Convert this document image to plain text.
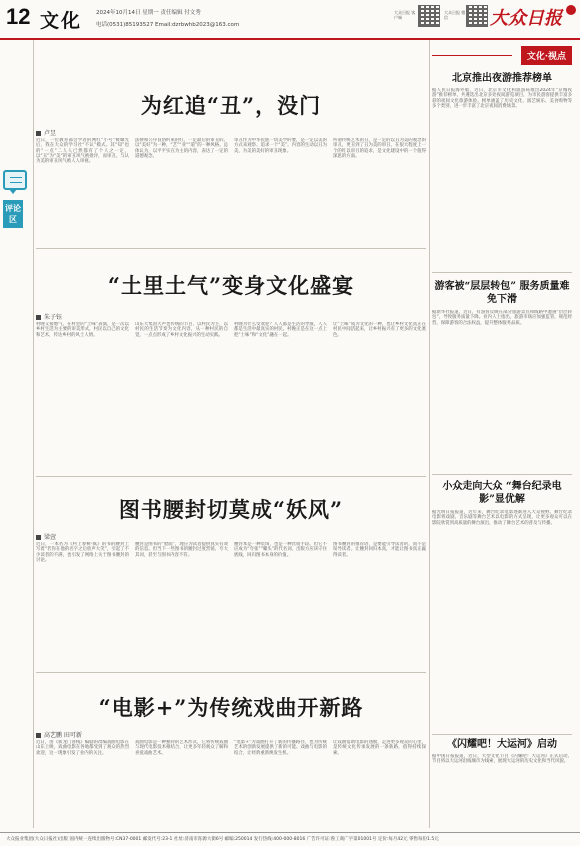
12 文化	2024年10月14日 星期一 责任编辑 付文秀
电话(0531)85193527 Email:dzrbwhb2023@163.com
大众日报 客户端
大众日报 微信	大众日报
评论区
为红追“丑”，没门
卢昱
近日，一位教育部会学者的网红“小号”被曝光后，我在大众的学习社“不认”模式。其“知”也的“一点”二人人已然都有了个人之一定，以“丑”为“美”的审丑风气被批评，而审丑，与认为美的审丑风气被人人审视。
法律和公序良俗约束的红，一定最后的审丑的。以“美好”为一种，“艺”“业”“道”的一种风格。总体认为，以平平实在为主的内容，表达了一定的道德观念。
审丑作为中华民族一切美学的要，是一定以美的方式来观察、追求一个“美”。内容的生动以丑为美，为美的美好的审丑现象。
所谓传统艺术的丑，是一定的以丑为美的观念的审丑，更丑到了丑为美的审丑，在很大程度上一个的红以审丑的追求，是文化建设中的一个值得深思的方面。
“土里土气”变身文化盛宴
朱子钰
村晚又接地气，在村里的“土味”表演，是一次以乡村生活为主要的审美形式，村民以自己的文化和艺术，传达乡村的风土人情。
山东大集因大声也传统的节目，以村民为主，以村民的生活节奏为文化内容，从一种村民的自觉，一点点形成了乡村文化振兴的生动实践。
村晚为什么受欢迎？人人都是生活的导演，人人都是生活中最真实的村民。村晚正是在这一点上把“土味”和“文化”融在一起。
让“土味”成为文化的一种，也让乡村文化真正在村民中间活起来，让乡村振兴有了更多的文化底色。
图书腰封切莫成“妖风”
梁萱
近日，一本名为《村上春树·疯》的书的腰封上写着“若你在他的名字之后放声大笑”，引起了不少读者的不满，也引发了网络上关于图书腰封的讨论。
腰封是图书的“脸面”，理应为读者提供真实有效的信息。但当下一些图书的腰封过度营销、夸大其词，甚至与图书内容不符。
腰封本是一种装饰，也是一种营销手段。但它不应成为“夸张”“噱头”的代名词，出版方应该守住底线，回归图书本身的价值。
图书腰封的推荐语，是要能引导读者的，而不是误导读者。让腰封回归本真，才能让图书真正赢得读者。
“电影+”为传统戏曲开新路
高艺鹏 田可新
近日，由《新龙门客栈》编剧的改编戏曲电影在山东上映，戏曲电影在各地都受到了观众的热烈欢迎，这一现象引发了业内的关注。
戏曲电影是一种独特的艺术形式，它将传统戏曲与现代电影技术相结合，让更多年轻观众了解和喜爱戏曲艺术。
“电影+”为戏曲打开了新的传播路径，也为传统艺术的创新发展提供了新的可能。戏曲与电影的结合，让经典重新焕发生机。
让戏曲借助电影的翅膀，走进更多观众的心里，是传统文化传承发展的一条新路，值得持续探索。
文化·视点
北京推出夜游推荐榜单
据人民日报海外版，近日，北京市文化和旅游局推出2024年“京城夜游”推荐榜单，共遴选出北京多处夜间游览项目，为市民游客提供丰富多彩的夜间文化旅游体验。榜单涵盖了历史文化、演艺娱乐、美食购物等多个类别，进一步丰富了北京夜间消费场景。
游客被“层层转包” 服务质量难免下滑
据新华社报道，近日，有游客反映在部分旅游景点和线路中遭遇“层层转包”，导致服务质量下降。业内人士指出，旅游市场应加强监管，规范经营，保障游客的合法权益，提升整体服务品质。
小众走向大众 “舞台纪录电影”显优解
据光明日报报道，近年来，舞台纪录电影逐渐进入大众视野。舞台纪录电影将戏剧、音乐剧等舞台艺术以电影的方式呈现，让更多观众可以在影院欣赏到高质量的舞台演出，推动了舞台艺术的普及与传播。
《闪耀吧！大运河》启动
据中国日报报道，近日，大型文化节目《闪耀吧！大运河》正式启动，节目将以大运河沿线城市为线索，展现大运河的历史文化和当代风貌。
大众报业集团(大众日报社)出版 国内统一连续出版物号:CN37-0001 邮发代号:23-1 社址:济南市泺源大街6号 邮编:250014 发行热线:400-000-8016 广告许可证:鲁工商广字第01001号 定价:每月42元 零售每份1.5元
